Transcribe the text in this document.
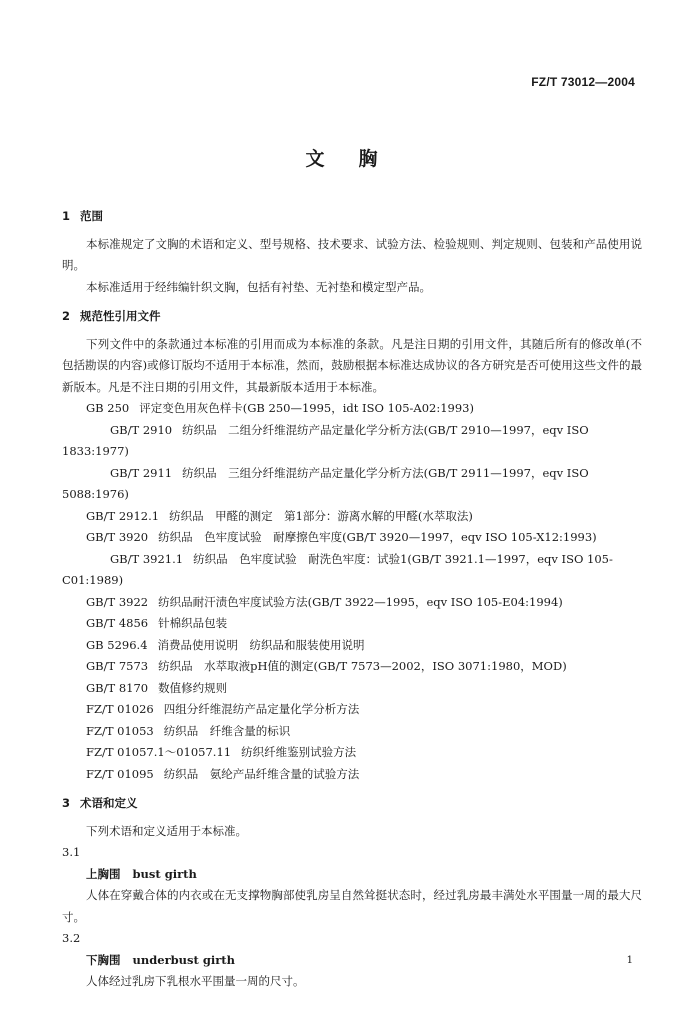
FZ/T 73012—2004
文胸
1 范围

本标准规定了文胸的术语和定义、型号规格、技术要求、试验方法、检验规则、判定规则、包装和产品使用说明。

本标准适用于经纬编针织文胸，包括有衬垫、无衬垫和模定型产品。

2 规范性引用文件

下列文件中的条款通过本标准的引用而成为本标准的条款。凡是注日期的引用文件，其随后所有的修改单(不包括勘误的内容)或修订版均不适用于本标准，然而，鼓励根据本标准达成协议的各方研究是否可使用这些文件的最新版本。凡是不注日期的引用文件，其最新版本适用于本标准。

GB 250 评定变色用灰色样卡(GB 250—1995，idt ISO 105-A02:1993)

GB/T 2910 纺织品　二组分纤维混纺产品定量化学分析方法(GB/T 2910—1997，eqv ISO 1833:1977)

GB/T 2911 纺织品　三组分纤维混纺产品定量化学分析方法(GB/T 2911—1997，eqv ISO 5088:1976)

GB/T 2912.1 纺织品　甲醛的测定　第1部分：游离水解的甲醛(水萃取法)

GB/T 3920 纺织品　色牢度试验　耐摩擦色牢度(GB/T 3920—1997，eqv ISO 105-X12:1993)

GB/T 3921.1 纺织品　色牢度试验　耐洗色牢度：试验1(GB/T 3921.1—1997，eqv ISO 105-C01:1989)

GB/T 3922 纺织品耐汗渍色牢度试验方法(GB/T 3922—1995，eqv ISO 105-E04:1994)

GB/T 4856 针棉织品包装

GB 5296.4 消费品使用说明　纺织品和服装使用说明

GB/T 7573 纺织品　水萃取液pH值的测定(GB/T 7573—2002，ISO 3071:1980，MOD)

GB/T 8170 数值修约规则

FZ/T 01026 四组分纤维混纺产品定量化学分析方法

FZ/T 01053 纺织品　纤维含量的标识

FZ/T 01057.1～01057.11 纺织纤维鉴别试验方法

FZ/T 01095 纺织品　氨纶产品纤维含量的试验方法

3 术语和定义

下列术语和定义适用于本标准。

3.1

上胸围 bust girth

人体在穿戴合体的内衣或在无支撑物胸部使乳房呈自然耸挺状态时，经过乳房最丰满处水平围量一周的最大尺寸。

3.2

下胸围 underbust girth

人体经过乳房下乳根水平围量一周的尺寸。

1
